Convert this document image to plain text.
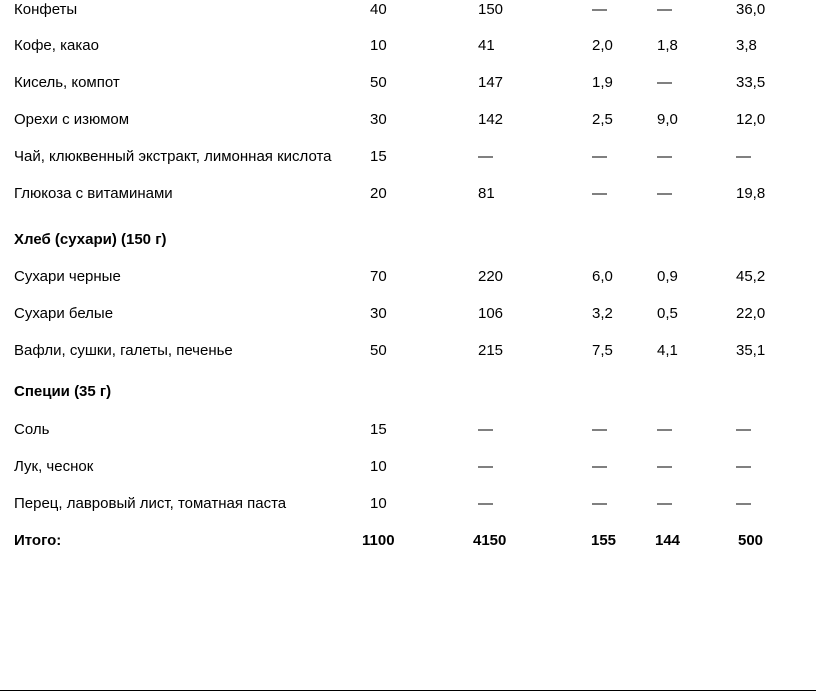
Конфеты	40	150	—	—	36,0
Кофе, какао	10	41	2,0	1,8	3,8
Кисель, компот	50	147	1,9	—	33,5
Орехи с изюмом	30	142	2,5	9,0	12,0
Чай, клюквенный экстракт, лимонная кислота	15	—	—	—	—
Глюкоза с витаминами	20	81	—	—	19,8
Хлеб (сухари) (150 г)
Сухари черные	70	220	6,0	0,9	45,2
Сухари белые	30	106	3,2	0,5	22,0
Вафли, сушки, галеты, печенье	50	215	7,5	4,1	35,1
Специи (35 г)
Соль	15	—	—	—	—
Лук, чеснок	10	—	—	—	—
Перец, лавровый лист, томатная паста	10	—	—	—	—
Итого:	1100	4150	155	144	500
